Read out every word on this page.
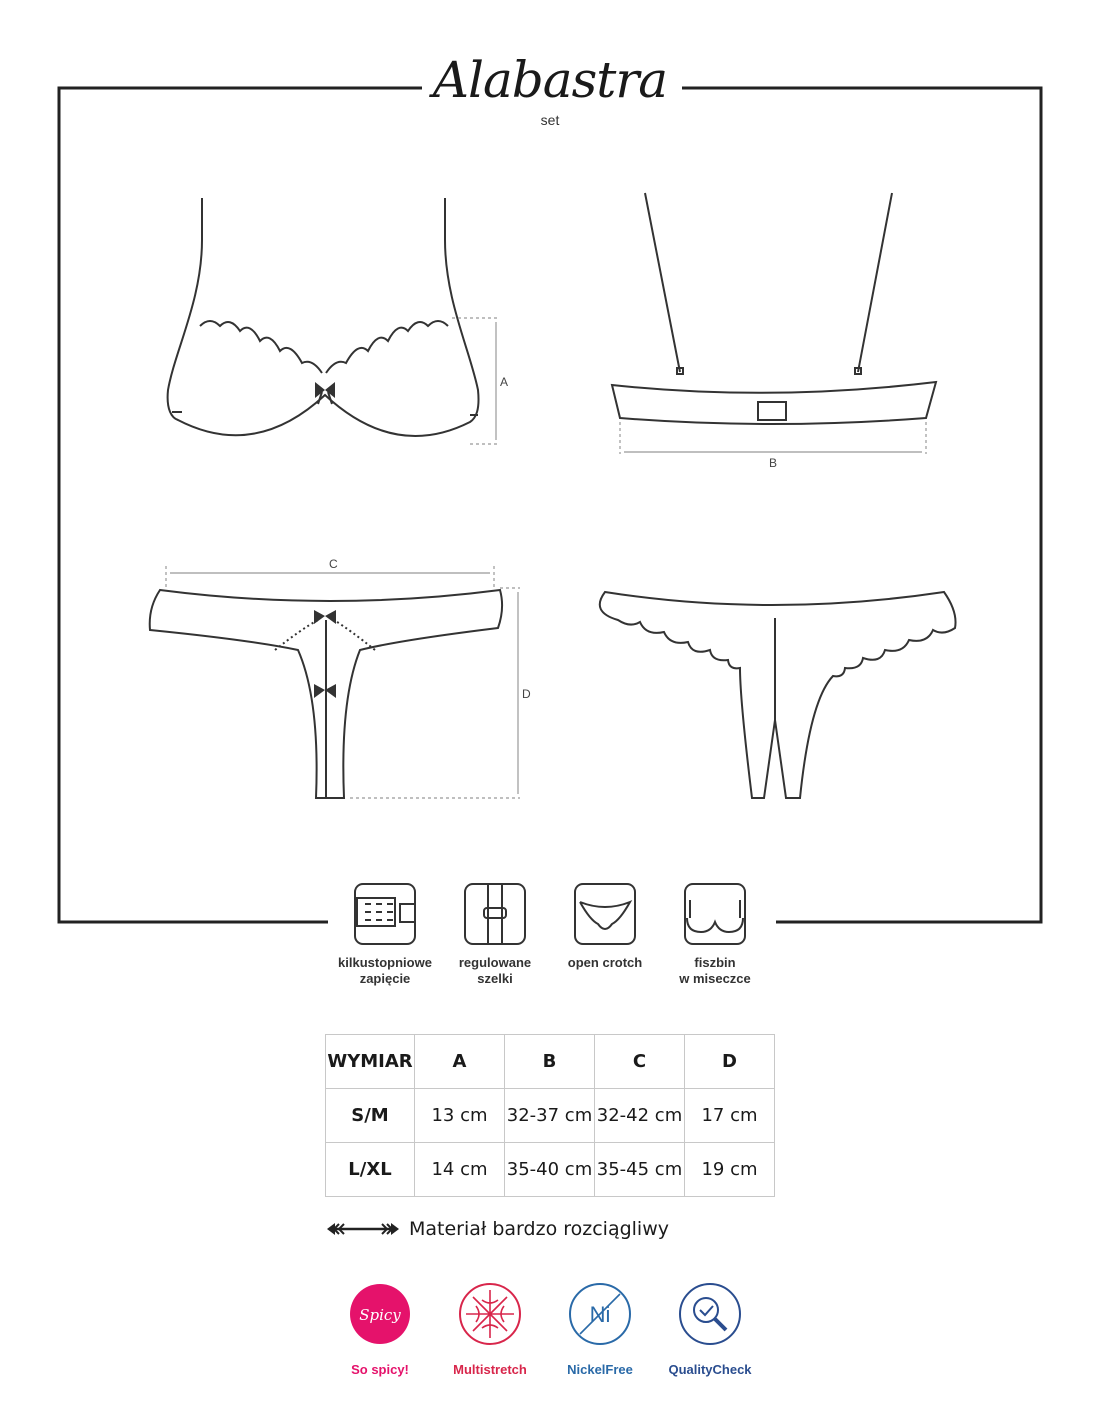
A
B
C
D
Spicy	Ni
Alabastra
set
kilkustopniowe
zapięcie
regulowane
szelki
open crotch	fiszbin
w miseczce
WYMIAR	A	B	C	D
S/M	13 cm	32-37 cm	32-42 cm	17 cm
L/XL	14 cm	35-40 cm	35-45 cm	19 cm
Materiał bardzo rozciągliwy
So spicy!	Multistretch	NickelFree	QualityCheck
